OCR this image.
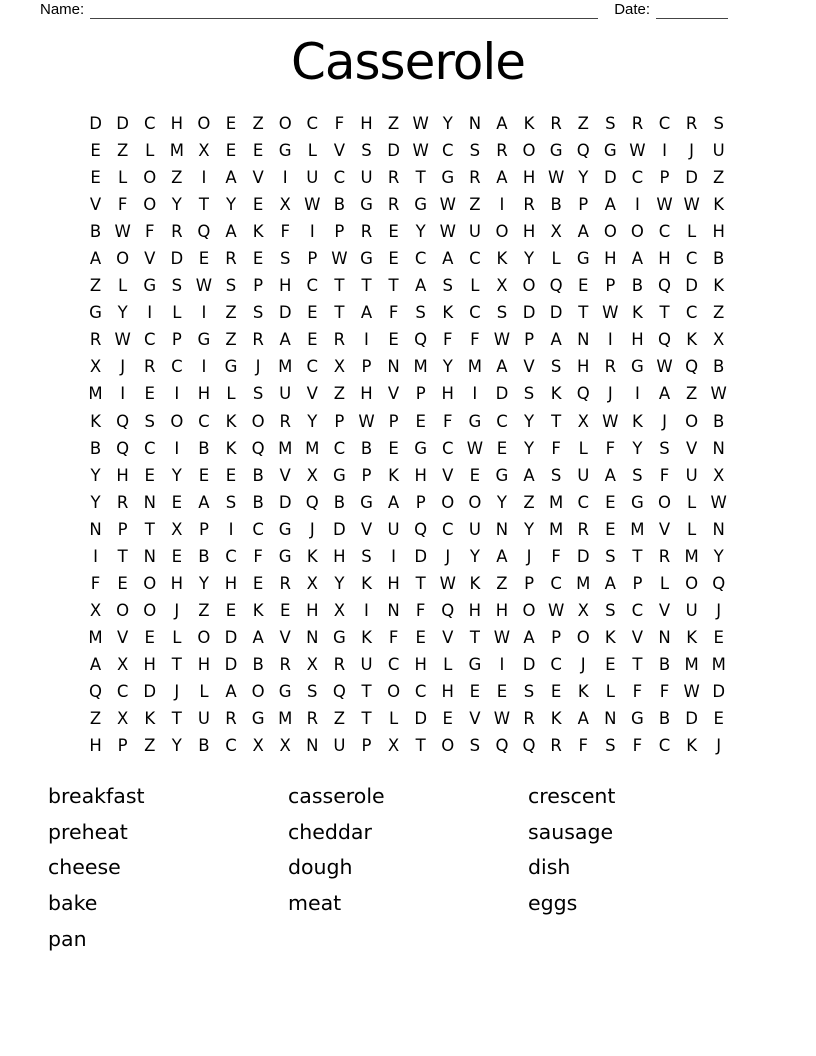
Name:	Date:
Casserole
D D C H O E Z O C	F H Z W Y N A K R Z S R C R S
E Z	L M X E	E G L	V S D W C S R O G Q G W	I	J	U
E	L O Z	I	A V	I	U C U R T G R A H W Y D C P D Z
V	F O Y	T	Y	E X W B G R G W Z	I	R B P A	I W W K
B W F	R Q A K	F	I	P R E	Y W U O H X A O O C	L H
A O V D E R E	S	P W G E C A C K	Y	L G H A H C B
Z	L G S W S	P H C T	T	T A S	L	X O Q E	P B Q D K
G Y	I	L	I	Z S D E	T A	F	S K C S D D T W K	T C Z
R W C P G Z R A E R	I	E Q F	F W P A N	I	H Q K X
X	J	R C	I	G	J	M C X P N M Y M A V S H R G W Q B
M	I	E	I	H L	S U V Z H V P H	I	D S K Q	J	I	A Z W
K Q S O C K O R Y	P W P	E	F G C Y	T X W K	J	O B
B Q C	I	B K Q M M C B E G C W E	Y	F	L	F	Y	S V N
Y H E	Y	E	E B V X G P	K H V E G A S U A S	F U X
Y R N E A S B D Q B G A P O O Y Z M C E G O L W
N P	T X P	I	C G	J	D V U Q C U N Y M R E M V	L N
I	T N E B C	F G K H S	I	D	J	Y A	J	F D S	T R M Y
F	E O H Y H E R X Y	K H T W K Z P C M A P	L O Q
X O O	J	Z E K E H X	I	N F Q H H O W X S C V U	J
M V E	L O D A V N G K	F	E V T W A P O K V N K E
A X H T H D B R X R U C H L G	I	D C	J	E	T B M M
Q C D	J	L	A O G S Q T O C H E	E	S	E K	L	F	F W D
Z X K	T U R G M R Z T	L D E V W R K A N G B D E
H P Z Y B C X X N U P X T O S Q Q R	F	S	F	C K	J
breakfast
preheat
cheese
bake
pan
casserole
cheddar
dough
meat
crescent
sausage
dish
eggs
